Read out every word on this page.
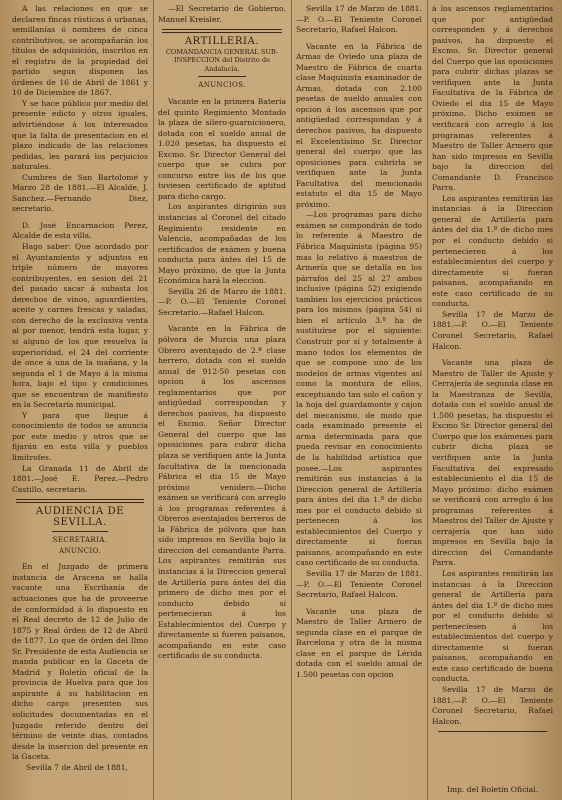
A las relaciones en que se declaren fincas rústicas ó urbanas, semillanías ó nombres de cinca contributivos, se acompañarán los títulos de adquisición, inscritos en el registro de la propiedad del partido segun disponen las órdenes de 16 de Abril de 1861 y 10 de Diciembre de 1867.

Y se hace público por medio del presente edicto y otros iguales, advirtiéndose á los interesados que la falta de presentacion en el plazo indicado de las relaciones pedidas, les parará los perjuicios naturales.

Cumbres de San Bartolomé y Marzo 28 de 1881.—El Alcalde, J. Sanchez.—Fernando Diez, secretario.

D. José Encarnacion Perez, Alcalde de esta villa.

Hago saber: Que acordado por el Ayuntamiento y adjuntos en triple número de mayores contribuyentes, en sesion del 21 del pasado sacar á subasta los derechos de vinos, aguardientes, aceite y carnes frescas y saladas, con derecho de la exclusiva venta al por menor, tendrá esta lugar, y si alguno de los que resuelva la superioridad, el 24 del corriente de once á una de la mañana, y la segunda el 1 de Mayo á la misma hora, bajo el tipo y condiciones que se encuentran de manifiesto en la Secretaría municipal.

Y para que llegue á conocimiento de todos se anuncia por este medio y otros que se fijarán en esta villa y pueblos limítrofes.

La Granada 11 de Abril de 1881.—José E. Perez.—Pedro Castillo, secretario.

AUDIENCIA DE SEVILLA.
SECRETARIA.
ANUNCIO.

En el Juzgado de primera instancia de Aracena se halla vacante una Escribanía de actuaciones que ha de proveerse de conformidad á lo dispuesto en el Real decreto de 12 de Julio de 1875 y Real órden de 12 de Abril de 1877. Lo que de órden del Ilmo Sr. Presidente de esta Audiencia se manda publicar en la Gaceta de Madrid y Boletín oficial de la provincia de Huelva para que los aspirante á su habilitacion en dicho cargo presenten sus solicitudes documentadas en el Juzgado referido dentro del término de veinte dias, contados desde la insercion del presente en la Gaceta.

Sevilla 7 de Abril de 1881,

—El Secretario de Gobierno, Manuel Kreisler.

ARTILLERIA.
COMANDANCIA GENERAL SUB-INSPECCION del Distrito de Andalucía.
ANUNCIOS.

Vacante en la primera Batería del quinto Regimiento Montado la plaza de silero-guarnicionero, dotada con el sueldo anual de 1.020 pesetas, ha dispuesto el Excmo. Sr. Director General del cuerpo que se cubra por concurso entre los de los que tuviesen certificado de aptitud para dicho cargo.

Los aspirantes dirigirán sus instancias al Coronel del citado Regimiento residente en Valencia, acompañadas de los certificados de exámen y buena conducta para ántes del 15 de Mayo próximo, de que la Junta Económica hará la eleccion.

Sevilla 26 de Marzo de 1881.—P. O.—El Teniente Coronel Secretario.—Rafael Halcon.

Vacante en la Fábrica de pólvora de Murcia una plaza Obrero aventajado de 2.ª clase herrero, dotada con el sueldo anual de 912·50 pesetas con opcion á los ascensos reglamentarios que por antigüedad correspondan y derechos pasivos, ha dispuesto el Excmo. Señor Director General del cuerpo que las oposiciones para cubrir dicha plaza se verifiquen ante la Junta facultativa de la mencionada Fábrica el dia 15 de Mayo próximo venidero.—Dicho exámen se verificará con arreglo á los programas referentes á Obreros aventajados herreros de la Fábrica de pólvora que han sido impresos en Sevilla bajo la direccion del comandante Parra. Los aspirantes remitirán sus instancias á la Direccion general de Artillería para ántes del dia primero de dicho mes por el conducto debido si pertenecieran á los Establecimientos del Cuerpo y directamente si fueren paisanos, acompañando en este caso certificado de su conducta.

Sevilla 17 de Marzo de 1881.—P. O.—El Teniente Coronel Secretario, Rafael Halcon.

Vacante en la Fábrica de Armas de Oviedo una plaza de Maestro de Fábrica de cuarta clase Maquinista examinador de Armas, dotada con 2.100 pesetas de sueldo anuales con opcion á los ascensos que por antigüedad correspondan y á derechos pasivos, ha dispuesto el Excelentísimo Sr. Director general del cuerpo que las oposiciones para cubrirla se verifiquen ante la Junta Facultativa del mencionado estatuto el dia 15 de Mayo próximo.

—Los programas para dicho exámen se compondrán de todo lo referente á Maestro de Fábrica Maquinista (página 95) mas lo relativo á maestros de Armería que se detalla en los párrafos del 25 al 27 ambos inclusive (página 52) exigiendo tambien los ejercicios prácticos para los mismos (página 54) si bien el artículo 3.º ha de sustituirse por el siguiente: Construir por sí y totalmente á mano todos los elementos de que se compone uno de los modelos de armas vigentes así como la montura de ellos, exceptuando tan solo el cañon y la hoja del guardamonte y cajon del mecanismo, de modo que cada examinado presente el arma determinada para que pueda revisar en conocimiento de la habilidad artística que posee.—Los aspirantes remitirán sus instancias á la Direccion general de Artillería para ántes del dia 1.º de dicho mes por el conducto debido si pertenecen á los establecimientos del Cuerpo y directamente si fueran paisanos, acompañando en este caso certificado de su conducta.

Sevilla 17 de Marzo de 1881.—P. O.—El Teniente Coronel Secretario, Rafael Halcon.

Vacante una plaza de Maestro de Taller Armero de segunda clase en el parque de Barcelona y otra de la misma clase en el parque de Lérida dotada con el sueldo anual de 1.500 pesetas con opcion

á los ascensos reglamentarios que por antigüedad corresponden y á derechos pasivos, ha dispuesto el Excmo. Sr. Director general del Cuerpo que las oposiciones para cubrir dichas plazas se verifiquen ante la Junta Facultativa de la Fábrica de Oviedo el dia 15 de Mayo próximo. Dicho exámen se verificará con arreglo á los programas referentes á Maestro de Taller Armero que han sido impresos en Sevilla bajo la direccion del Comandante D. Francisco Parra.

Los aspirantes remitirán las instancias á la Direccion general de Artillería para ántes del dia 1.º de dicho mes por el conducto debido si pertenecieren á los establecimientos del cuerpo y directamente si fueran paisanos, acompañando en este caso certificado de su conducta.

Sevilla 17 de Marzo de 1881.—P. O.—El Teniente Coronel Secretario, Rafael Halcon.

Vacante una plaza de Maestro de Taller de Ajuste y Cerrajería de segunda clase en la Maestranza de Sevilla, dotada con el sueldo anual de 1.500 pesetas, ha dispuesto el Excmo Sr. Director general del Cuerpo que los exámenes para cubrir dicha plaza se verifiquen ante la Junta Facultativa del expresado establecimiento el dia 15 de Mayo próximo: dicho exámen se verificará con arreglo á los programas referentes á Maestros del Taller de Ajuste y cerrajería que han sido impresos en Sevilla bajo la direccion del Comandante Parra.

Los aspirantes remitirán las instancias á la Direccion general de Artillería para ántes del dia 1.º de dicho mes por el conducto debido si perteneciesen á los establecimientos del cuerpo y directamente si fueran paisanos, acompañando en este caso certificado de buena conducta.

Sevilla 17 de Marzo de 1881.—P. O.—El Teniente Coronel Secretario, Rafael Halcon.

Imp. del Boletín Oficial.
